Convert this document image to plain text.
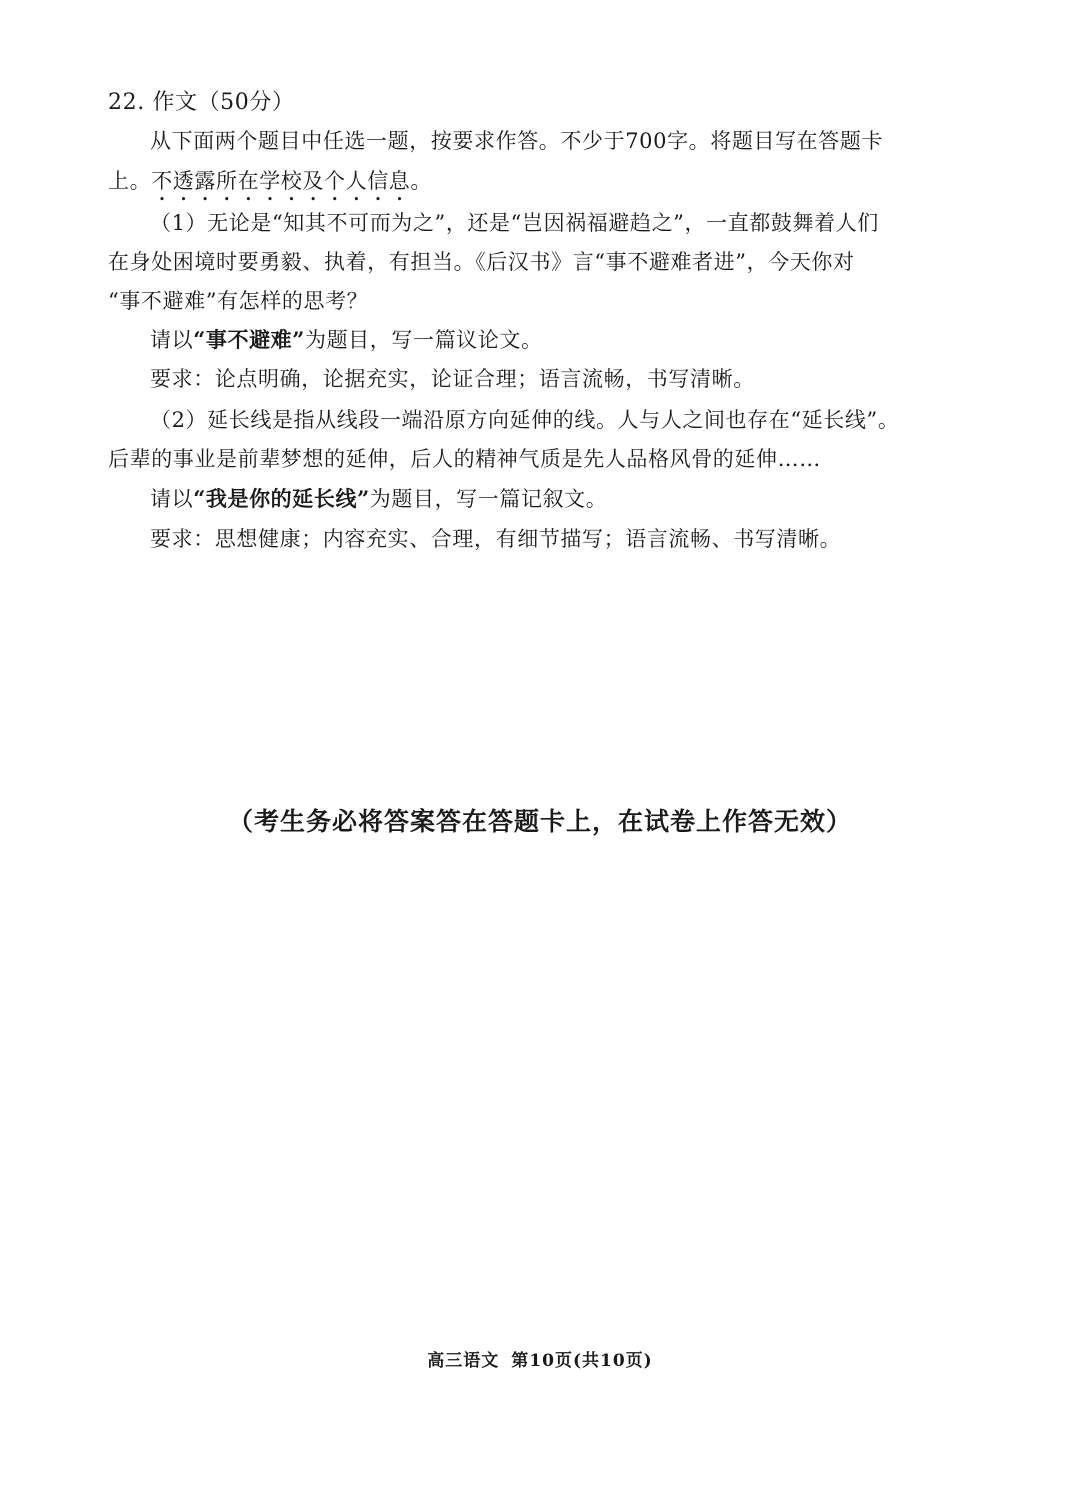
22. 作文（50分）
从下面两个题目中任选一题，按要求作答。不少于700字。将题目写在答题卡
上。不透露所在学校及个人信息。
（1）无论是“知其不可而为之”，还是“岂因祸福避趋之”，一直都鼓舞着人们
在身处困境时要勇毅、执着，有担当。《后汉书》言“事不避难者进”，今天你对
“事不避难”有怎样的思考？
请以“事不避难”为题目，写一篇议论文。
要求：论点明确，论据充实，论证合理；语言流畅，书写清晰。
（2）延长线是指从线段一端沿原方向延伸的线。人与人之间也存在“延长线”。
后辈的事业是前辈梦想的延伸，后人的精神气质是先人品格风骨的延伸……
请以“我是你的延长线”为题目，写一篇记叙文。
要求：思想健康；内容充实、合理，有细节描写；语言流畅、书写清晰。
（考生务必将答案答在答题卡上，在试卷上作答无效）
高三语文 第10页(共10页)
